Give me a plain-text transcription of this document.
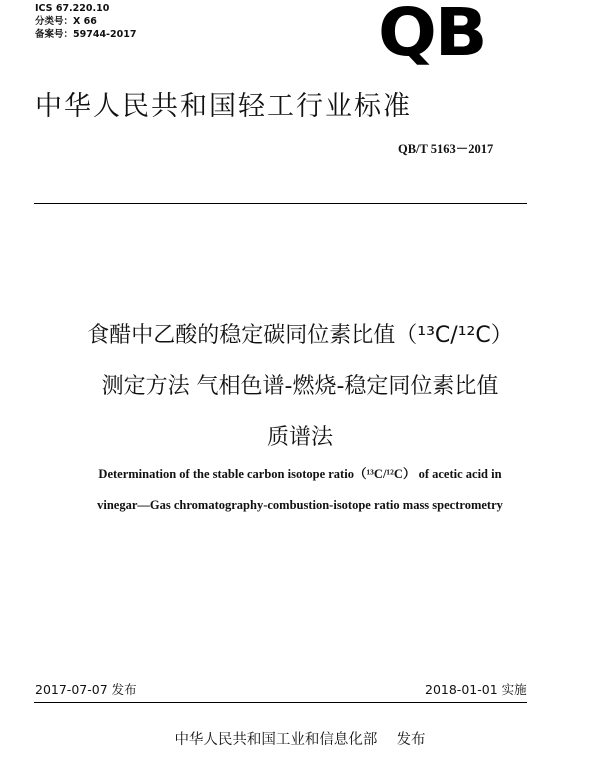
ICS 67.220.10
分类号：X 66
备案号：59744-2017	QB
中华人民共和国轻工行业标准
QB/T 5163－2017
食醋中乙酸的稳定碳同位素比值（¹³C/¹²C）
测定方法 气相色谱-燃烧-稳定同位素比值
质谱法
Determination of the stable carbon isotope ratio（¹³C/¹²C） of acetic acid in
vinegar—Gas chromatography-combustion-isotope ratio mass spectrometry
2017-07-07 发布	2018-01-01 实施
中华人民共和国工业和信息化部　 发布
